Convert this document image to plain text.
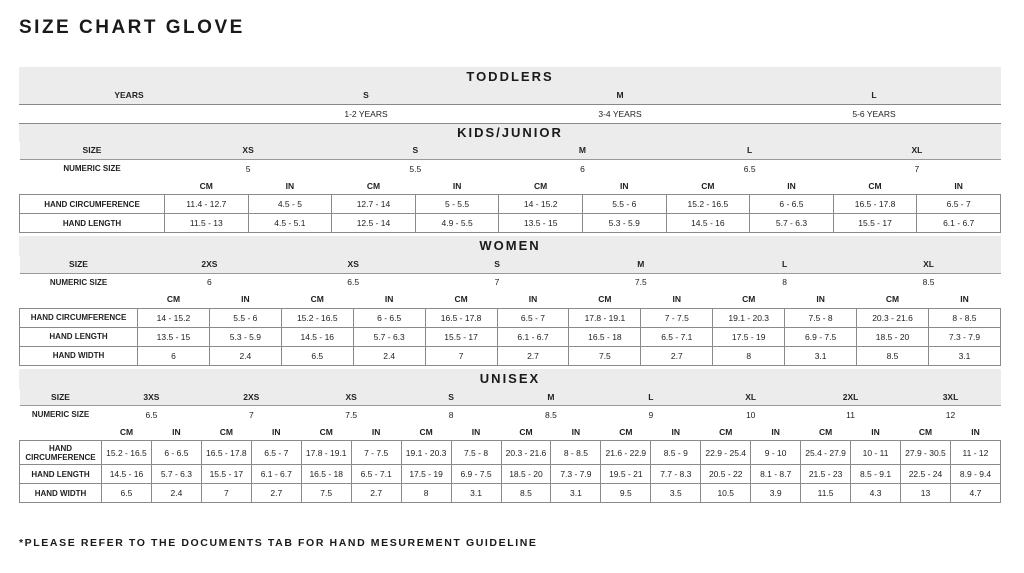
SIZE CHART GLOVE
TODDLERS
YEARS	S	M	L
	1-2 YEARS	3-4 YEARS	5-6 YEARS
KIDS/JUNIOR
SIZE	XS		S		M		L		XL	
NUMERIC SIZE	5		5.5		6		6.5		7	
	CM	IN	CM	IN	CM	IN	CM	IN	CM	IN
HAND CIRCUMFERENCE	11.4 - 12.7	4.5 - 5	12.7 - 14	5 - 5.5	14 - 15.2	5.5 - 6	15.2 - 16.5	6 - 6.5	16.5 - 17.8	6.5 - 7
HAND LENGTH	11.5 - 13	4.5 - 5.1	12.5 - 14	4.9 - 5.5	13.5 - 15	5.3 - 5.9	14.5 - 16	5.7 - 6.3	15.5 - 17	6.1 - 6.7
WOMEN
SIZE	2XS		XS		S		M		L		XL	
NUMERIC SIZE	6		6.5		7		7.5		8		8.5	
	CM	IN	CM	IN	CM	IN	CM	IN	CM	IN	CM	IN
HAND CIRCUMFERENCE	14 - 15.2	5.5 - 6	15.2 - 16.5	6 - 6.5	16.5 - 17.8	6.5 - 7	17.8 - 19.1	7 - 7.5	19.1 - 20.3	7.5 - 8	20.3 - 21.6	8 - 8.5
HAND LENGTH	13.5 - 15	5.3 - 5.9	14.5 - 16	5.7 - 6.3	15.5 - 17	6.1 - 6.7	16.5 - 18	6.5 - 7.1	17.5 - 19	6.9 - 7.5	18.5 - 20	7.3 - 7.9
HAND WIDTH	6	2.4	6.5	2.4	7	2.7	7.5	2.7	8	3.1	8.5	3.1
UNISEX
SIZE	3XS		2XS		XS		S		M		L		XL		2XL		3XL	
NUMERIC SIZE	6.5		7		7.5		8		8.5		9		10		11		12	
	CM	IN	CM	IN	CM	IN	CM	IN	CM	IN	CM	IN	CM	IN	CM	IN	CM	IN
HAND
CIRCUMFERENCE	15.2 - 16.5	6 - 6.5	16.5 - 17.8	6.5 - 7	17.8 - 19.1	7 - 7.5	19.1 - 20.3	7.5 - 8	20.3 - 21.6	8 - 8.5	21.6 - 22.9	8.5 - 9	22.9 - 25.4	9 - 10	25.4 - 27.9	10 - 11	27.9 - 30.5	11 - 12
HAND LENGTH	14.5 - 16	5.7 - 6.3	15.5 - 17	6.1 - 6.7	16.5 - 18	6.5 - 7.1	17.5 - 19	6.9 - 7.5	18.5 - 20	7.3 - 7.9	19.5 - 21	7.7 - 8.3	20.5 - 22	8.1 - 8.7	21.5 - 23	8.5 - 9.1	22.5 - 24	8.9 - 9.4
HAND WIDTH	6.5	2.4	7	2.7	7.5	2.7	8	3.1	8.5	3.1	9.5	3.5	10.5	3.9	11.5	4.3	13	4.7

*PLEASE REFER TO THE DOCUMENTS TAB FOR HAND MESUREMENT GUIDELINE
